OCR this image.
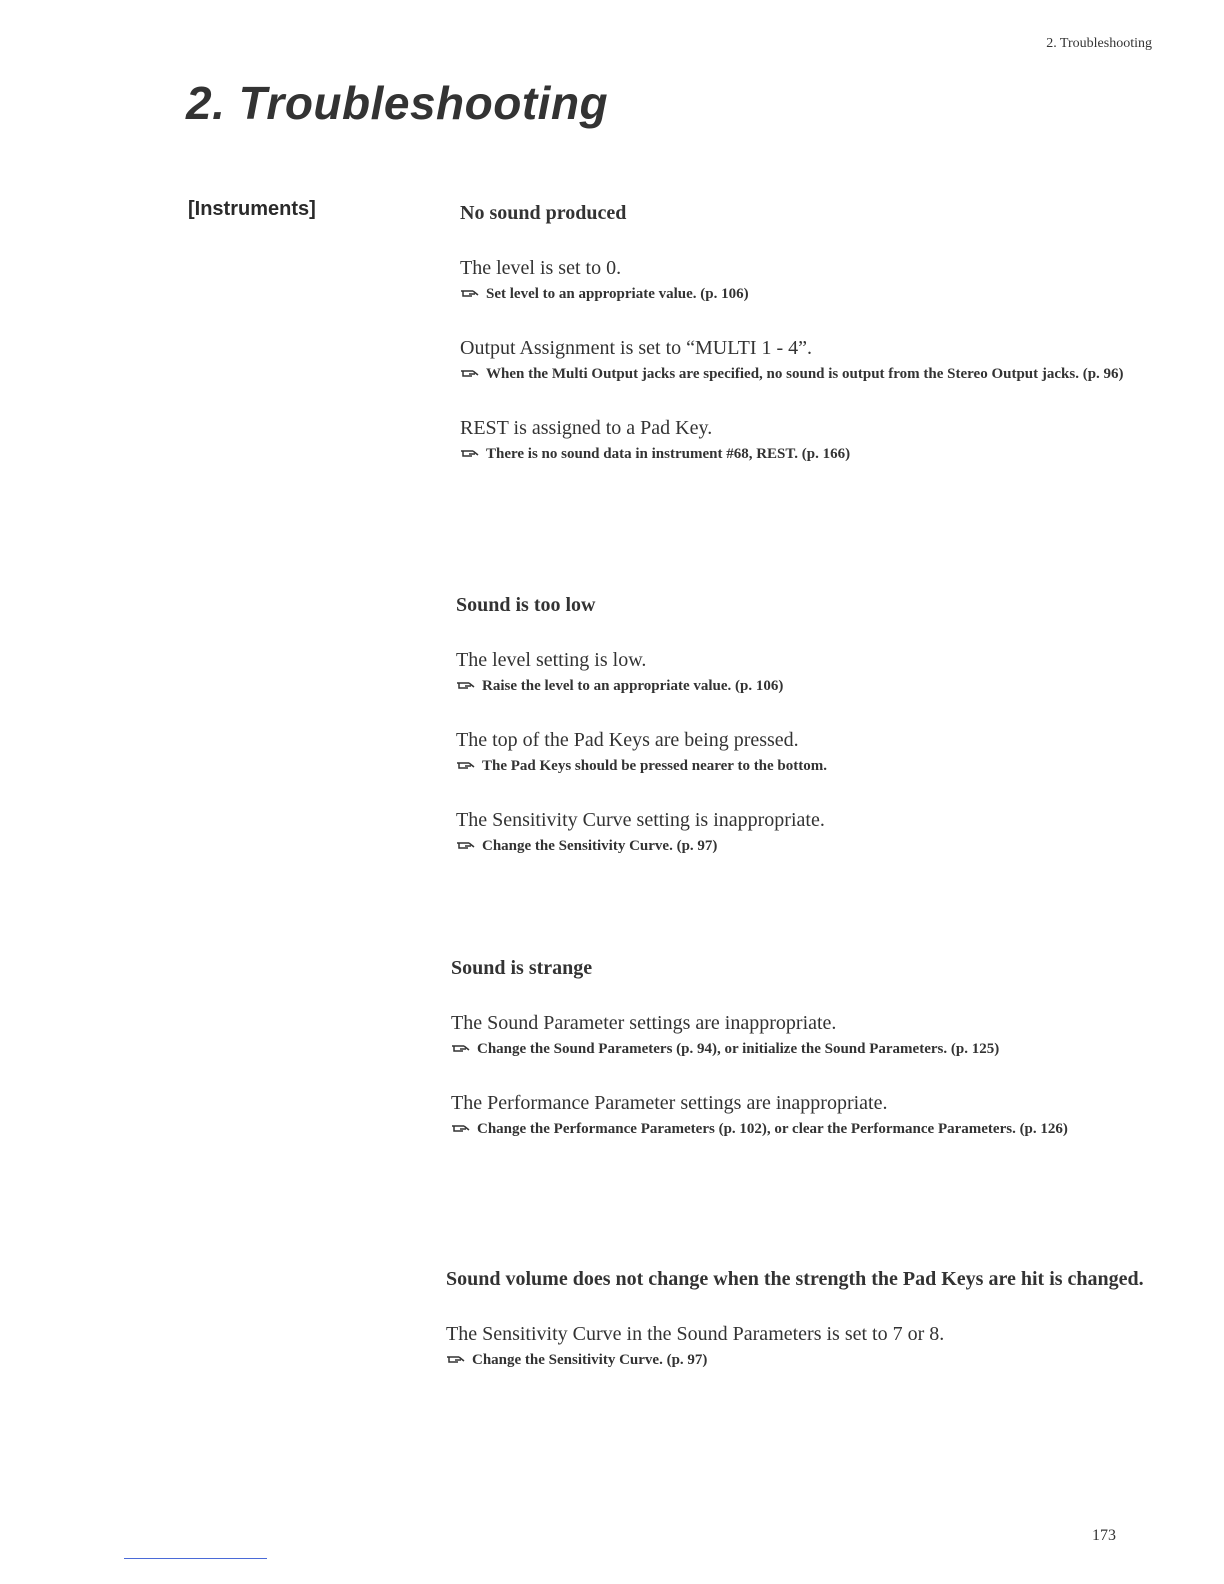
2. Troubleshooting
2. Troubleshooting
[Instruments]	No sound produced
The level is set to 0.
Set level to an appropriate value. (p. 106)
Output Assignment is set to “MULTI 1 - 4”.
When the Multi Output jacks are specified, no sound is output from the Stereo Output jacks. (p. 96)
REST is assigned to a Pad Key.
There is no sound data in instrument #68, REST. (p. 166)
Sound is too low
The level setting is low.
Raise the level to an appropriate value. (p. 106)
The top of the Pad Keys are being pressed.
The Pad Keys should be pressed nearer to the bottom.
The Sensitivity Curve setting is inappropriate.
Change the Sensitivity Curve. (p. 97)
Sound is strange
The Sound Parameter settings are inappropriate.
Change the Sound Parameters (p. 94), or initialize the Sound Parameters. (p. 125)
The Performance Parameter settings are inappropriate.
Change the Performance Parameters (p. 102), or clear the Performance Parameters. (p. 126)
Sound volume does not change when the strength the Pad Keys are hit is changed.
The Sensitivity Curve in the Sound Parameters is set to 7 or 8.
Change the Sensitivity Curve. (p. 97)
173
